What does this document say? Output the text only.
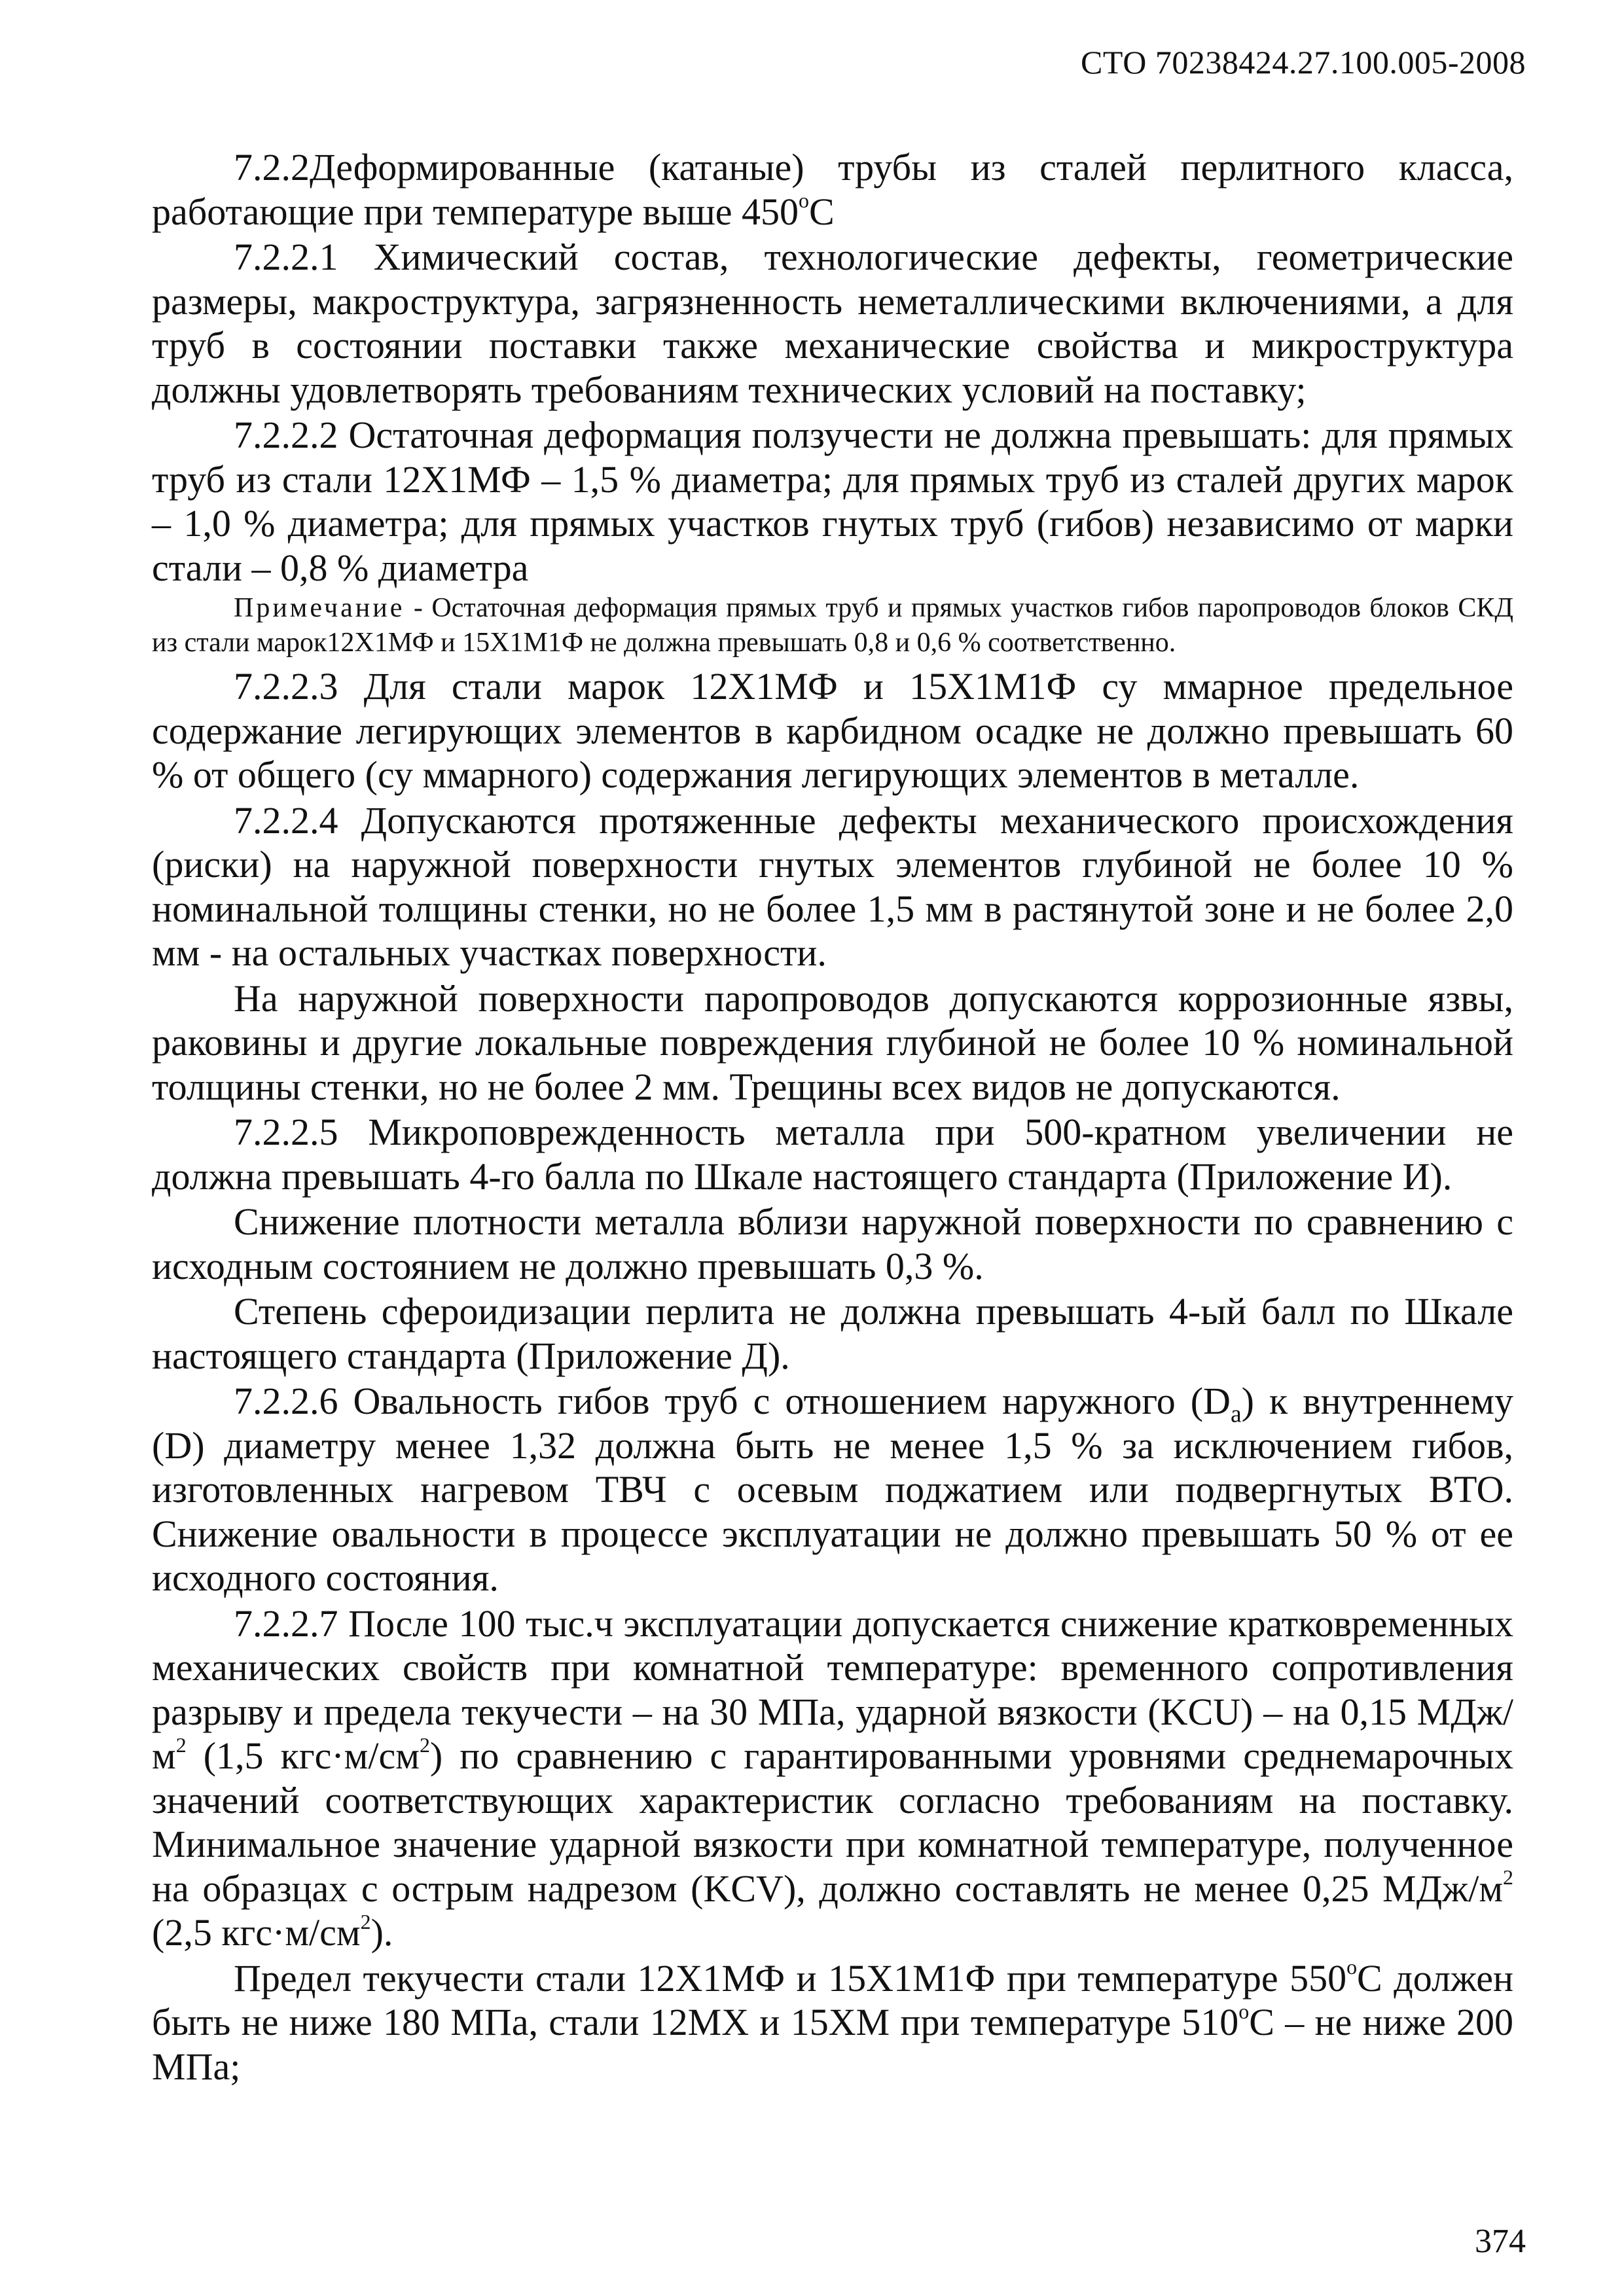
СТО 70238424.27.100.005-2008

7.2.2Деформированные (катаные) трубы из сталей перлитного класса, работающие при температуре выше 450$^o$С

7.2.2.1 Химический состав, технологические дефекты, геометрические размеры, макроструктура, загрязненность неметаллическими включениями, а для труб в состоянии поставки также механические свойства и микроструктура должны удовлетворять требованиям технических условий на поставку;

7.2.2.2 Остаточная деформация ползучести не должна превышать: для прямых труб из стали 12Х1МФ – 1,5 % диаметра; для прямых труб из сталей других марок – 1,0 % диаметра; для прямых участков гнутых труб (гибов) независимо от марки стали – 0,8 % диаметра

Примечание - Остаточная деформация прямых труб и прямых участков гибов паропроводов блоков СКД из стали марок12Х1МФ и 15Х1М1Ф не должна превышать 0,8 и 0,6 % соответственно.

7.2.2.3 Для стали марок 12Х1МФ и 15Х1М1Ф су ммарное предельное содержание легирующих элементов в карбидном осадке не должно превышать 60 % от общего (су ммарного) содержания легирующих элементов в металле.

7.2.2.4 Допускаются протяженные дефекты механического происхождения (риски) на наружной поверхности гнутых элементов глубиной не более 10 % номинальной толщины стенки, но не более 1,5 мм в растянутой зоне и не более 2,0 мм - на остальных участках поверхности.

На наружной поверхности паропроводов допускаются коррозионные язвы, раковины и другие локальные повреждения глубиной не более 10 % номинальной толщины стенки, но не более 2 мм. Трещины всех видов не допускаются.

7.2.2.5 Микроповрежденность металла при 500-кратном увеличении не должна превышать 4-го балла по Шкале настоящего стандарта (Приложение И).

Снижение плотности металла вблизи наружной поверхности по сравнению с исходным состоянием не должно превышать 0,3 %.

Степень сфероидизации перлита не должна превышать 4-ый балл по Шкале настоящего стандарта (Приложение Д).

7.2.2.6 Овальность гибов труб с отношением наружного $(D_a)$ к внутреннему (D) диаметру менее 1,32 должна быть не менее 1,5 % за исключением гибов, изготовленных нагревом ТВЧ с осевым поджатием или подвергнутых ВТО. Снижение овальности в процессе эксплуатации не должно превышать 50 % от ее исходного состояния.

7.2.2.7 После 100 тыс.ч эксплуатации допускается снижение кратковременных механических свойств при комнатной температуре: временного сопротивления разрыву и предела текучести – на 30 МПа, ударной вязкости (KCU) – на 0,15 МДж/$м^2$ (1,5 $кгс\cdot м/см^2$) по сравнению с гарантированными уровнями среднемарочных значений соответствующих характеристик согласно требованиям на поставку. Минимальное значение ударной вязкости при комнатной температуре, полученное на образцах с острым надрезом (KCV), должно составлять не менее 0,25 МДж/$м^2$ (2,5 $кгс\cdot м/см^2$).

Предел текучести стали 12Х1МФ и 15Х1М1Ф при температуре 550$^o$С должен быть не ниже 180 МПа, стали 12МХ и 15ХМ при температуре 510$^o$С – не ниже 200 МПа;

374
